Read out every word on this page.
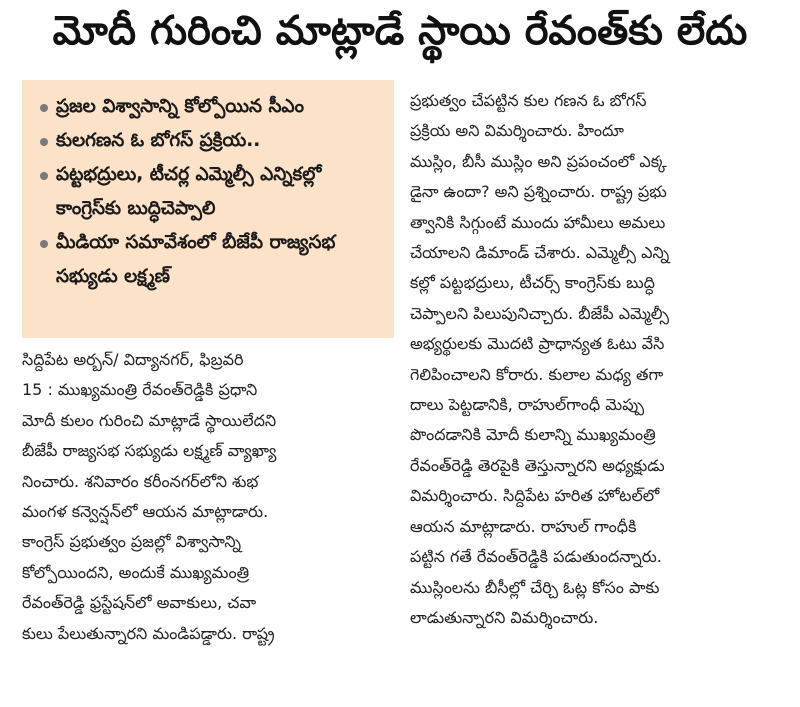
మోదీ గురించి మాట్లాడే స్థాయి రేవంత్‌కు లేదు
ప్రజల విశ్వాసాన్ని కోల్పోయిన సీఎం
కులగణన ఓ బోగస్ ప్రక్రియ..
పట్టభద్రులు, టీచర్ల ఎమ్మెల్సీ ఎన్నికల్లో కాంగ్రెస్‌కు బుద్ధిచెప్పాలి
మీడియా సమావేశంలో బీజేపీ రాజ్యసభ సభ్యుడు లక్ష్మణ్
సిద్దిపేట అర్బన్/ విద్యానగర్, ఫిబ్రవరి
15 : ముఖ్యమంత్రి రేవంత్‌రెడ్డికి ప్రధాని
మోదీ కులం గురించి మాట్లాడే స్థాయిలేదని
బీజేపీ రాజ్యసభ సభ్యుడు లక్ష్మణ్ వ్యాఖ్యా
నించారు. శనివారం కరీంనగర్‌లోని శుభ
మంగళ కన్వెన్షన్‌లో ఆయన మాట్లాడారు.
కాంగ్రెస్ ప్రభుత్వం ప్రజల్లో విశ్వాసాన్ని
కోల్పోయిందని, అందుకే ముఖ్యమంత్రి
రేవంత్‌రెడ్డి ఫ్రస్టేషన్‌లో అవాకులు, చవా
కులు పేలుతున్నారని మండిపడ్డారు. రాష్ట్ర
ప్రభుత్వం చేపట్టిన కుల గణన ఓ బోగస్
ప్రక్రియ అని విమర్శించారు. హిందూ
ముస్లిం, బీసీ ముస్లిం అని ప్రపంచంలో ఎక్క
డైనా ఉందా? అని ప్రశ్నించారు. రాష్ట్ర ప్రభు
త్వానికి సిగ్గుంటే ముందు హామీలు అమలు
చేయాలని డిమాండ్ చేశారు. ఎమ్మెల్సీ ఎన్ని
కల్లో పట్టభద్రులు, టీచర్స్ కాంగ్రెస్‌కు బుద్ధి
చెప్పాలని పిలుపునిచ్చారు. బీజేపీ ఎమ్మెల్సీ
అభ్యర్థులకు మొదటి ప్రాధాన్యత ఓటు వేసి
గెలిపించాలని కోరారు. కులాల మధ్య తగా
దాలు పెట్టడానికి, రాహుల్‌గాంధీ మెప్పు
పొందడానికి మోదీ కులాన్ని ముఖ్యమంత్రి
రేవంత్‌రెడ్డి తెరపైకి తెస్తున్నారని అధ్యక్షుడు
విమర్శించారు. సిద్దిపేట హరిత హోటల్‌లో
ఆయన మాట్లాడారు. రాహుల్ గాంధీకి
పట్టిన గతే రేవంత్‌రెడ్డికి పడుతుందన్నారు.
ముస్లింలను బీసీల్లో చేర్చి ఓట్ల కోసం పాకు
లాడుతున్నారని విమర్శించారు.
